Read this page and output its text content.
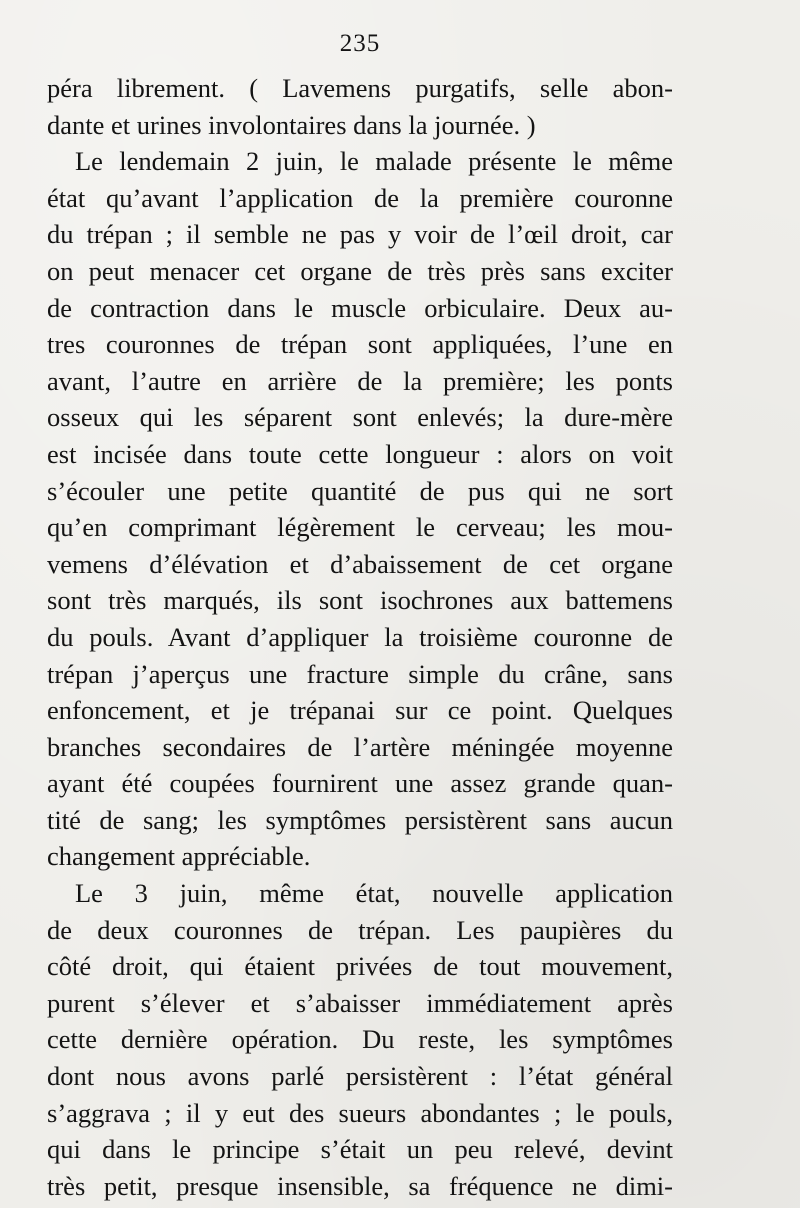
235
péra librement. ( Lavemens purgatifs, selle abon-
dante et urines involontaires dans la journée. )
Le lendemain 2 juin, le malade présente le même
état qu’avant l’application de la première couronne
du trépan ; il semble ne pas y voir de l’œil droit, car
on peut menacer cet organe de très près sans exciter
de contraction dans le muscle orbiculaire. Deux au-
tres couronnes de trépan sont appliquées, l’une en
avant, l’autre en arrière de la première; les ponts
osseux qui les séparent sont enlevés; la dure-mère
est incisée dans toute cette longueur : alors on voit
s’écouler une petite quantité de pus qui ne sort
qu’en comprimant légèrement le cerveau; les mou-
vemens d’élévation et d’abaissement de cet organe
sont très marqués, ils sont isochrones aux battemens
du pouls. Avant d’appliquer la troisième couronne de
trépan j’aperçus une fracture simple du crâne, sans
enfoncement, et je trépanai sur ce point. Quelques
branches secondaires de l’artère méningée moyenne
ayant été coupées fournirent une assez grande quan-
tité de sang; les symptômes persistèrent sans aucun
changement appréciable.
Le 3 juin, même état, nouvelle application
de deux couronnes de trépan. Les paupières du
côté droit, qui étaient privées de tout mouvement,
purent s’élever et s’abaisser immédiatement après
cette dernière opération. Du reste, les symptômes
dont nous avons parlé persistèrent : l’état général
s’aggrava ; il y eut des sueurs abondantes ; le pouls,
qui dans le principe s’était un peu relevé, devint
très petit, presque insensible, sa fréquence ne dimi-
